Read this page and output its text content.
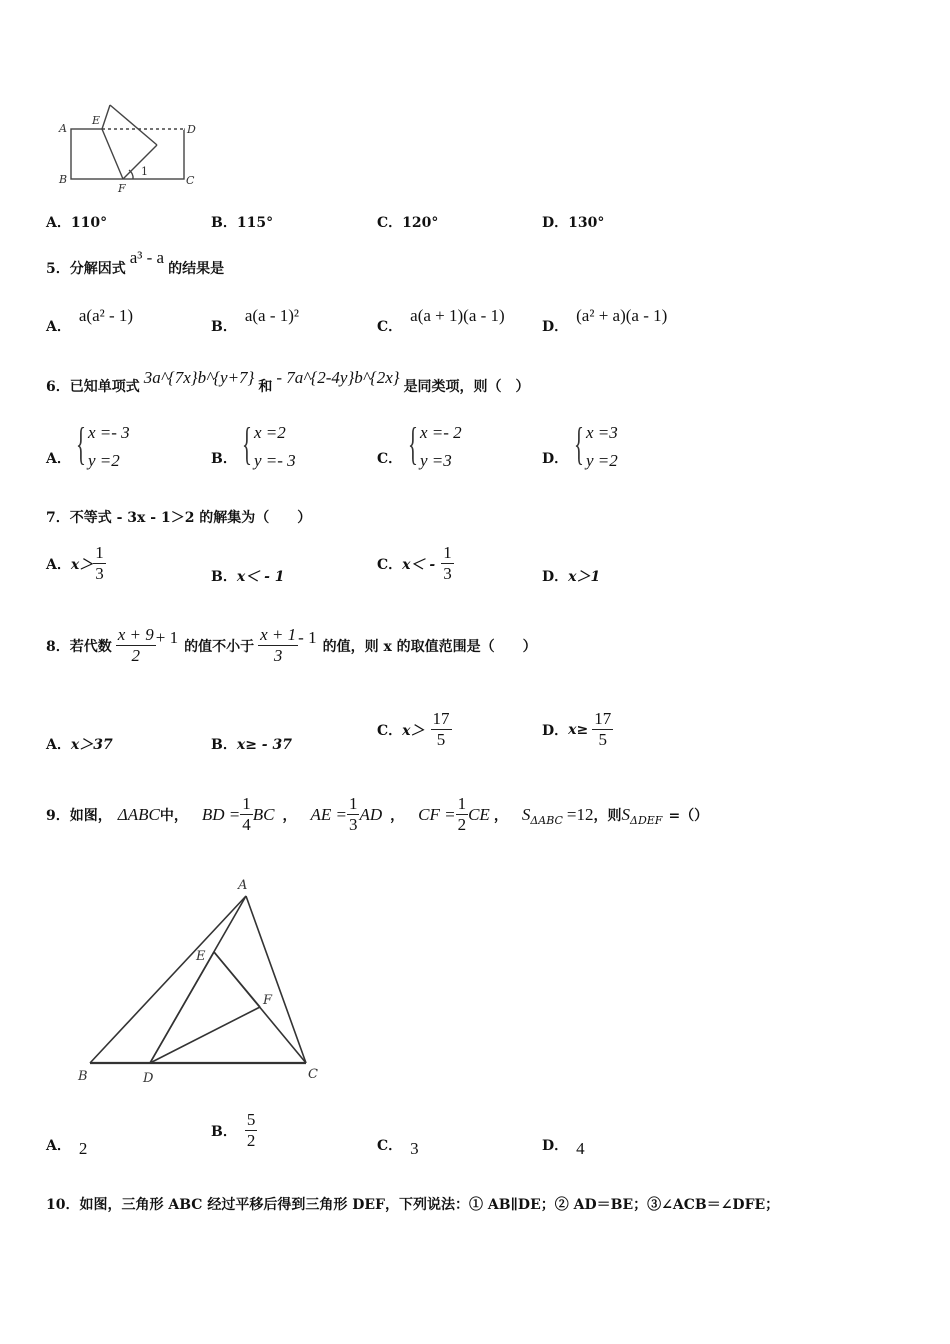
A
E
D
B
F
C
1
A．110°	B．115°	C．120°	D．130°
5．分解因式a³ - a的结果是
A．a(a² - 1)
B．a(a - 1)²
C．a(a + 1)(a - 1)
D．(a² + a)(a - 1)
6．已知单项式 3a^{7x}b^{y+7} 和 - 7a^{2-4y}b^{2x} 是同类项，则（　）
A． { x =- 3
y =2	B． { x =2
y =- 3	C． { x =- 2
y =3	D． { x =3
y =2
7．不等式 - 3x - 1＞2 的解集为（　　）
A． $x> \frac{1}{3}$	B．x＜ - 1
C． $x< - \frac{1}{3}$	D．x＞1
8． 若代数 $\frac{x + 9}{2} + 1$ 的值不小于 $\frac{x + 1}{3} - 1$ 的值，则 x 的取值范围是（　　）
A．x＞37	B．x≥ - 37
C． $x> \frac{17}{5}$	D． $x\ge \frac{17}{5}$
9． 如图， ΔABC 中， BD = $\frac{1}{4}$ BC ， AE = $\frac{1}{3}$ AD ， CF = $\frac{1}{2}$ CE ， S ΔABC =12 ，则 S ΔDEF =（）
A
E
F
B	D	C
A． 2
B． $\frac{5}{2}$	C． 3	D． 4
10．如图，三角形 ABC 经过平移后得到三角形 DEF，下列说法：① AB∥DE；② AD＝BE；③∠ACB＝∠DFE；
